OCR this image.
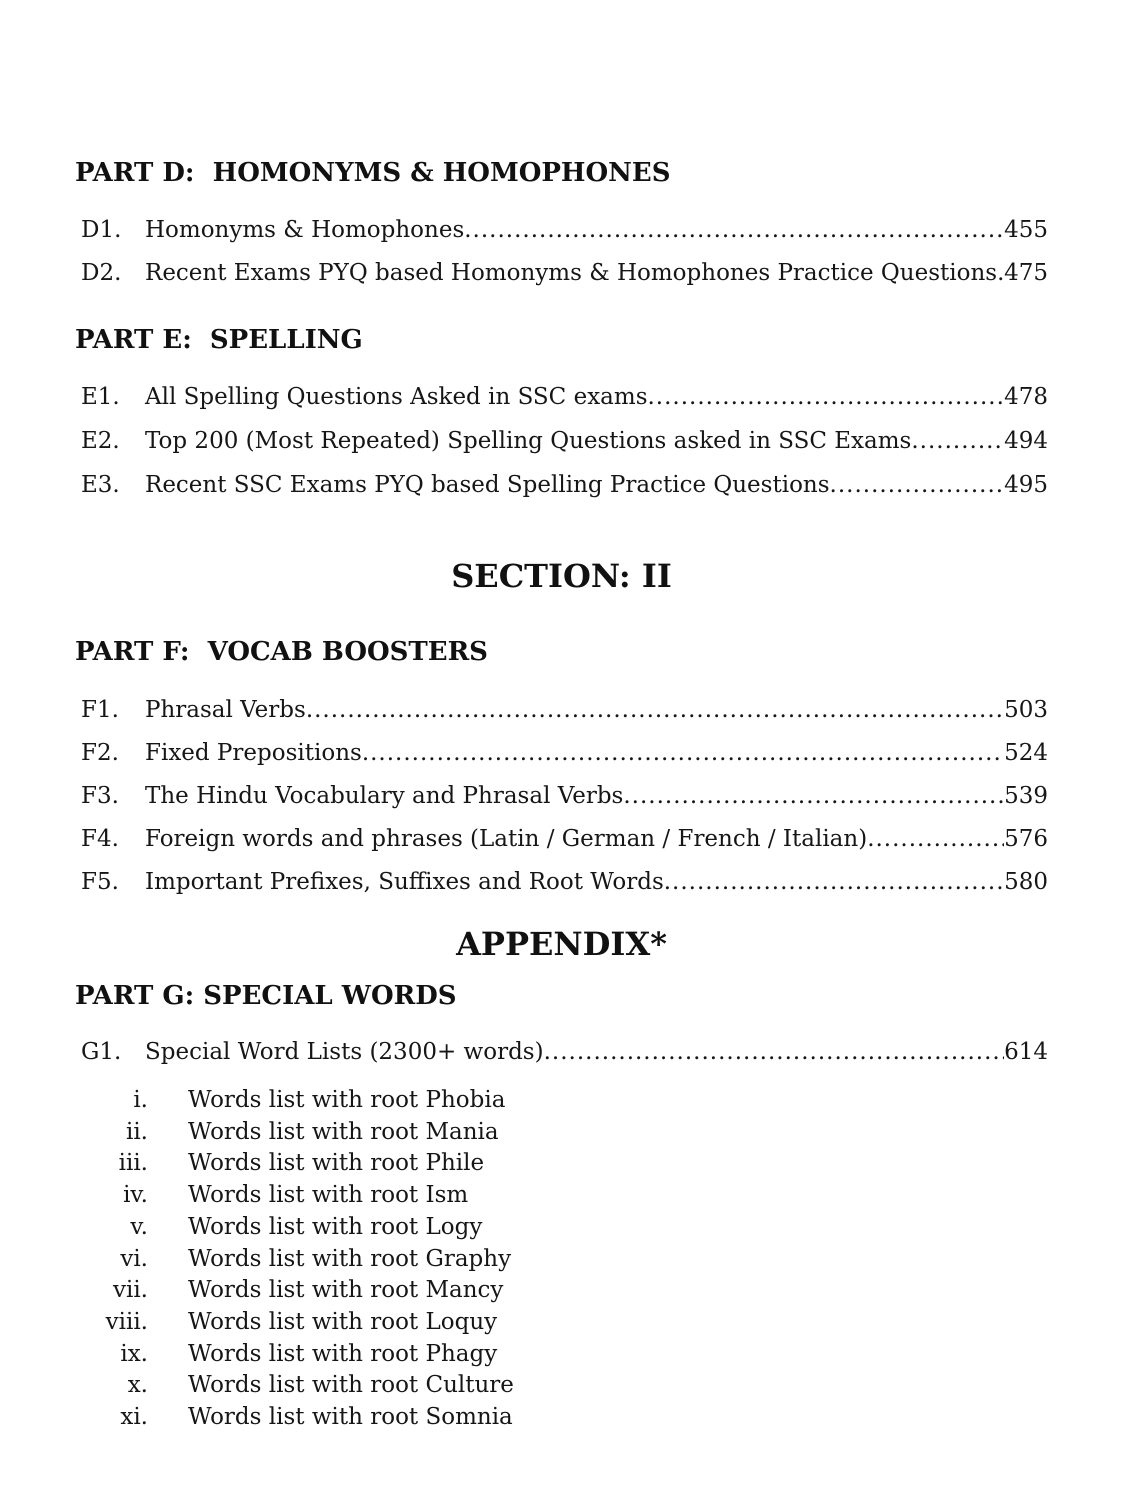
PART D:  HOMONYMS & HOMOPHONES
D1.	Homonyms & Homophones .....	455
D2.	Recent Exams PYQ based Homonyms & Homophones Practice Questions ..... 475
PART E:  SPELLING
E1.	All Spelling Questions Asked in SSC exams .....	478
E2.	Top 200 (Most Repeated) Spelling Questions asked in SSC Exams .....	494
E3.	Recent SSC Exams PYQ based Spelling Practice Questions .....	495
SECTION: II
PART F:  VOCAB BOOSTERS
F1.	Phrasal Verbs .....	503
F2.	Fixed Prepositions .....	524
F3.	The Hindu Vocabulary and Phrasal Verbs .....	539
F4.	Foreign words and phrases (Latin / German / French / Italian) .....	576
F5.	Important Prefixes, Suffixes and Root Words .....	580
APPENDIX*
PART G: SPECIAL WORDS
G1.	Special Word Lists (2300+ words) .....	614
i. Words list with root Phobia
ii. Words list with root Mania
iii. Words list with root Phile
iv. Words list with root Ism
v. Words list with root Logy
vi. Words list with root Graphy
vii. Words list with root Mancy
viii. Words list with root Loquy
ix. Words list with root Phagy
x. Words list with root Culture
xi. Words list with root Somnia
